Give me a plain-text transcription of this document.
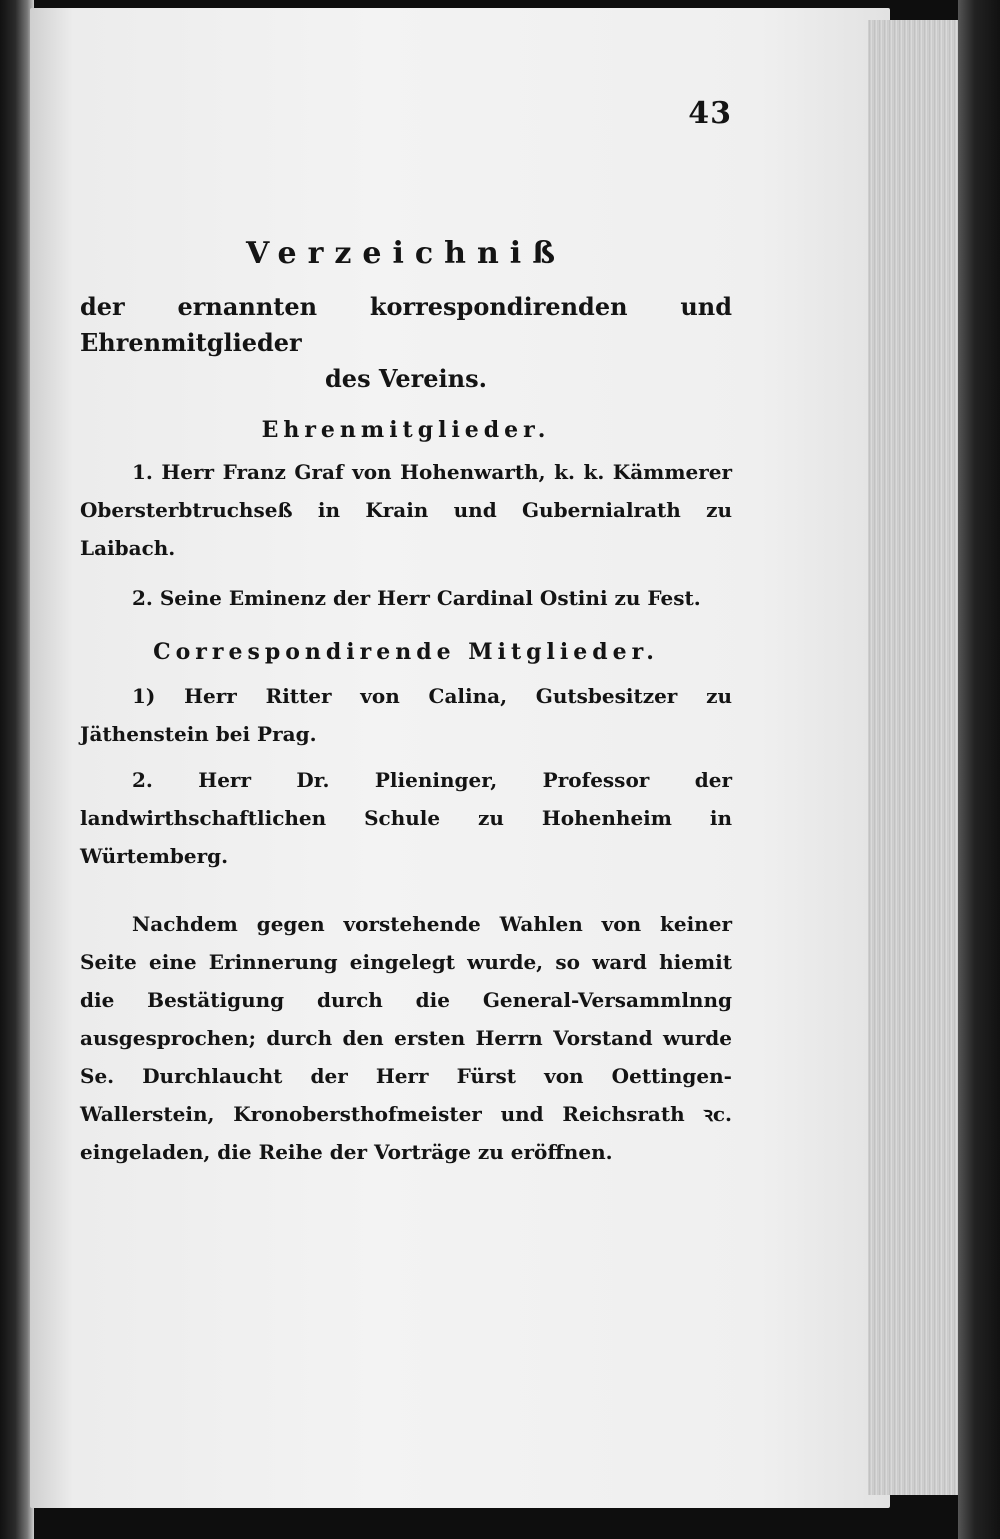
43
Verzeichniß
der ernannten korrespondirenden und Ehrenmitglieder
des Vereins.
Ehrenmitglieder.
1. Herr Franz Graf von Hohenwarth, k. k. Kämmerer Obersterbtruchseß in Krain und Gubernialrath zu Laibach.
2. Seine Eminenz der Herr Cardinal Ostini zu Fest.
Correspondirende Mitglieder.
1) Herr Ritter von Calina, Gutsbesitzer zu Jäthenstein bei Prag.
2. Herr Dr. Plieninger, Professor der landwirthschaftlichen Schule zu Hohenheim in Würtemberg.
Nachdem gegen vorstehende Wahlen von keiner Seite eine Erinnerung eingelegt wurde, so ward hiemit die Bestätigung durch die General-Versammlnng ausgesprochen; durch den ersten Herrn Vorstand wurde Se. Durchlaucht der Herr Fürst von Oettingen-Wallerstein, Kronobersthofmeister und Reichsrath ꝛc. eingeladen, die Reihe der Vorträge zu eröffnen.
